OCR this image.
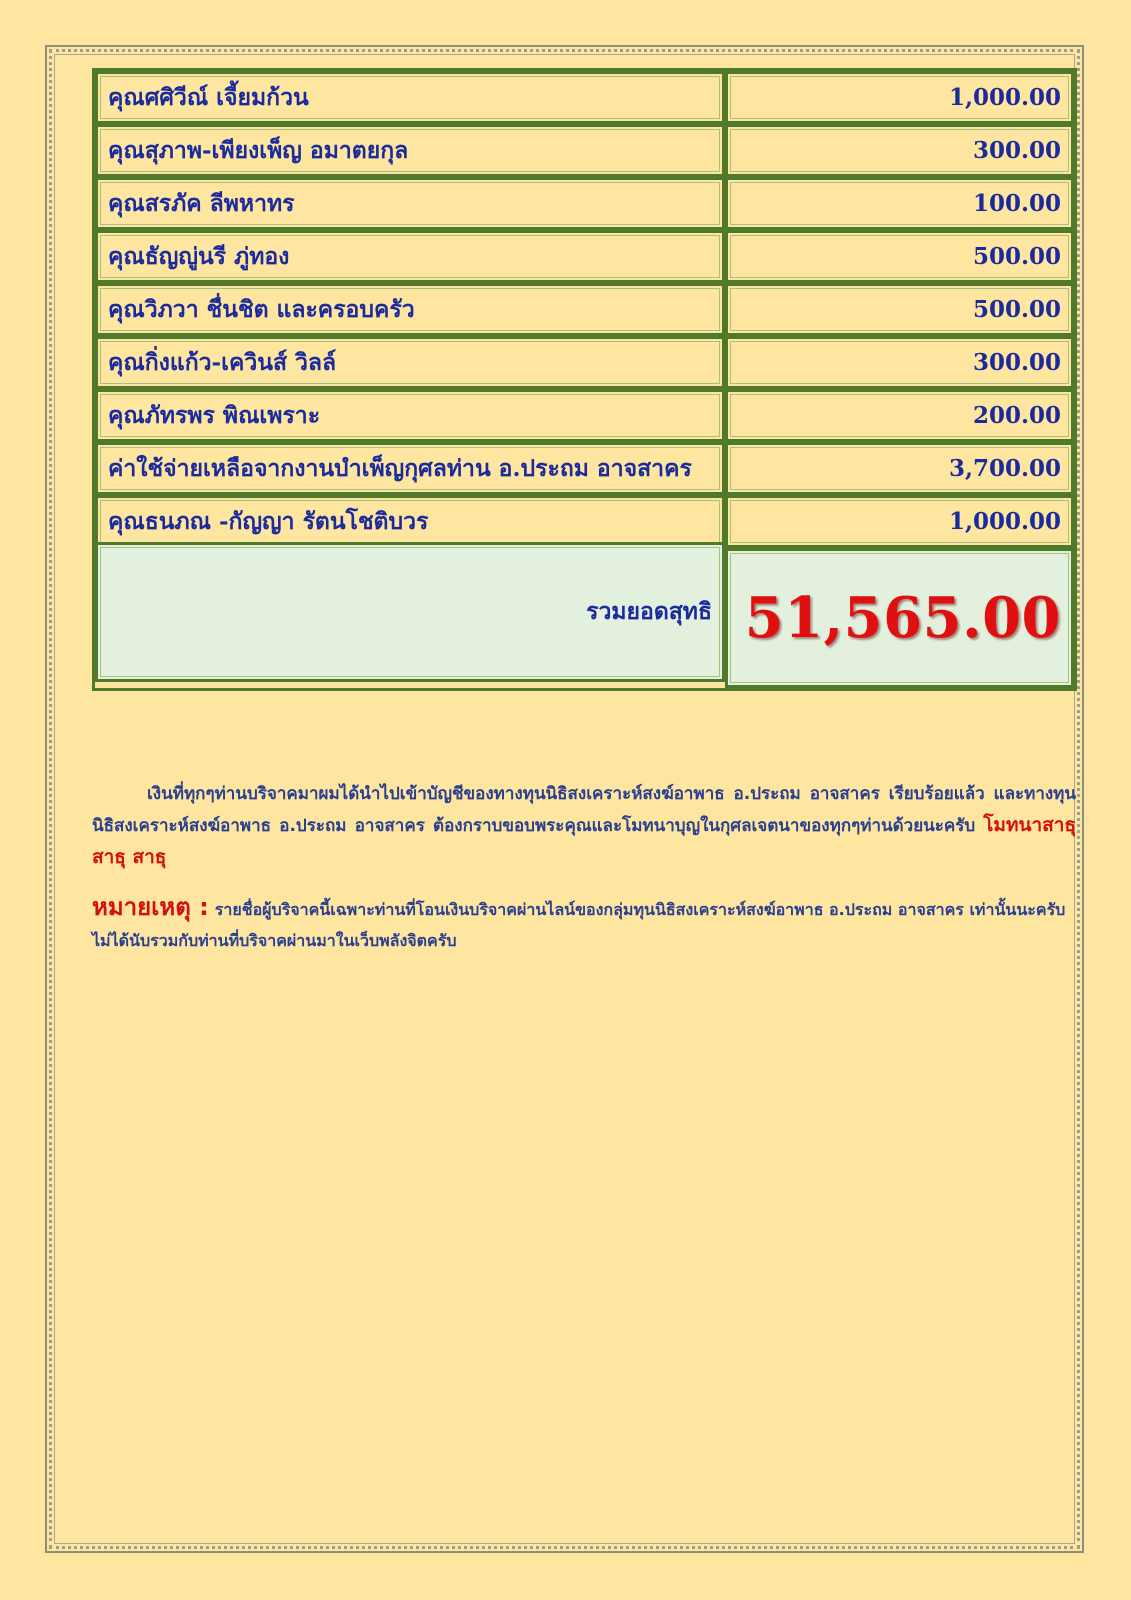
คุณศศิวีณ์ เจี้ยมก้วน	1,000.00
คุณสุภาพ-เพียงเพ็ญ อมาตยกุล	300.00
คุณสรภัค ลีพหาทร	100.00
คุณธัญญู่นรี ภู่ทอง	500.00
คุณวิภวา ชื่นชิต และครอบครัว	500.00
คุณกิ่งแก้ว-เควินส์ วิลล์	300.00
คุณภัทรพร พิณเพราะ	200.00
ค่าใช้จ่ายเหลือจากงานบำเพ็ญกุศลท่าน อ.ประถม อาจสาคร	3,700.00
คุณธนภณ -กัญญา รัตนโชติบวร	1,000.00
รวมยอดสุทธิ	51,565.00

เงินที่ทุกๆท่านบริจาคมาผมได้นำไปเข้าบัญชีของทางทุนนิธิสงเคราะห์สงฆ์อาพาธ อ.ประถม อาจสาคร เรียบร้อยแล้ว และทางทุนนิธิสงเคราะห์สงฆ์อาพาธ อ.ประถม อาจสาคร ต้องกราบขอบพระคุณและโมทนาบุญในกุศลเจตนาของทุกๆท่านด้วยนะครับ โมทนาสาธุ สาธุ สาธุ

หมายเหตุ : รายชื่อผู้บริจาคนี้เฉพาะท่านที่โอนเงินบริจาคผ่านไลน์ของกลุ่มทุนนิธิสงเคราะห์สงฆ์อาพาธ อ.ประถม อาจสาคร เท่านั้นนะครับไม่ได้นับรวมกับท่านที่บริจาคผ่านมาในเว็บพลังจิตครับ
